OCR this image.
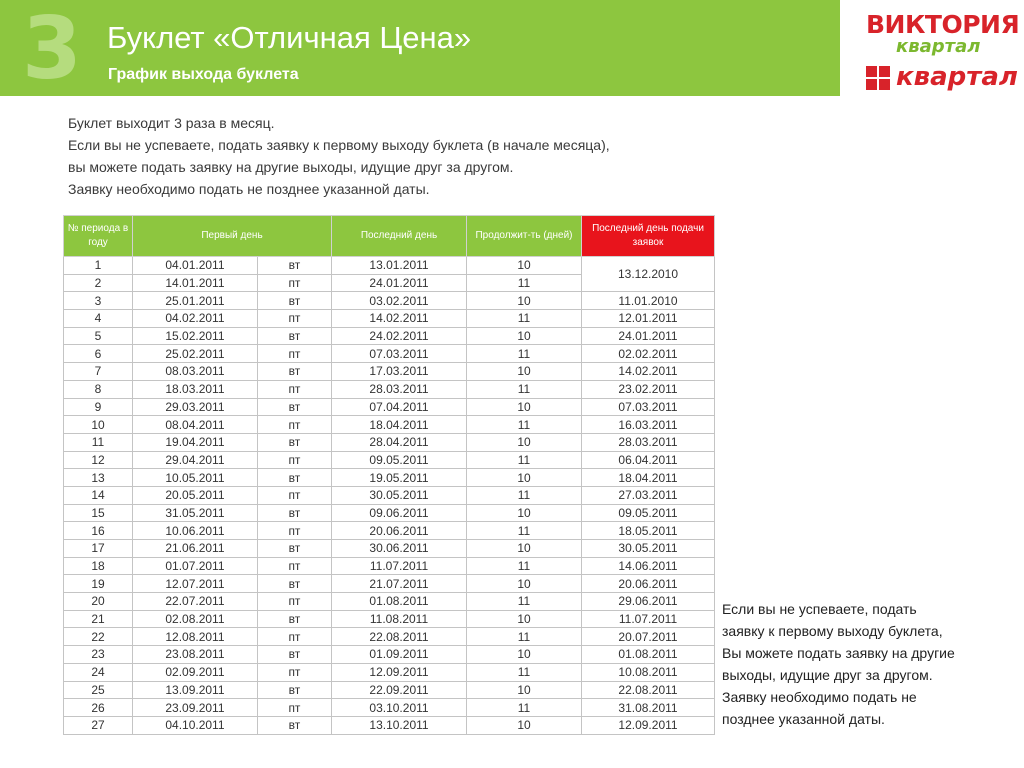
3 Буклет «Отличная Цена»
График выхода буклета
ВИКТОРИЯ
квартал
квартал
Буклет выходит 3 раза в месяц.
Если вы не успеваете, подать заявку к первому выходу буклета (в начале месяца),
вы можете подать заявку на другие выходы, идущие друг за другом.
Заявку необходимо подать не позднее указанной даты.
№ периода в году	Первый день		Последний день	Продолжит-ть (дней)	Последний день подачи заявок
1	04.01.2011	вт	13.01.2011	10	13.12.2010
2	14.01.2011	пт	24.01.2011	11	
3	25.01.2011	вт	03.02.2011	10	11.01.2010
4	04.02.2011	пт	14.02.2011	11	12.01.2011
5	15.02.2011	вт	24.02.2011	10	24.01.2011
6	25.02.2011	пт	07.03.2011	11	02.02.2011
7	08.03.2011	вт	17.03.2011	10	14.02.2011
8	18.03.2011	пт	28.03.2011	11	23.02.2011
9	29.03.2011	вт	07.04.2011	10	07.03.2011
10	08.04.2011	пт	18.04.2011	11	16.03.2011
11	19.04.2011	вт	28.04.2011	10	28.03.2011
12	29.04.2011	пт	09.05.2011	11	06.04.2011
13	10.05.2011	вт	19.05.2011	10	18.04.2011
14	20.05.2011	пт	30.05.2011	11	27.03.2011
15	31.05.2011	вт	09.06.2011	10	09.05.2011
16	10.06.2011	пт	20.06.2011	11	18.05.2011
17	21.06.2011	вт	30.06.2011	10	30.05.2011
18	01.07.2011	пт	11.07.2011	11	14.06.2011
19	12.07.2011	вт	21.07.2011	10	20.06.2011
20	22.07.2011	пт	01.08.2011	11	29.06.2011
21	02.08.2011	вт	11.08.2011	10	11.07.2011
22	12.08.2011	пт	22.08.2011	11	20.07.2011
23	23.08.2011	вт	01.09.2011	10	01.08.2011
24	02.09.2011	пт	12.09.2011	11	10.08.2011
25	13.09.2011	вт	22.09.2011	10	22.08.2011
26	23.09.2011	пт	03.10.2011	11	31.08.2011
27	04.10.2011	вт	13.10.2011	10	12.09.2011
Если вы не успеваете, подать заявку к первому выходу буклета, Вы можете подать заявку на другие выходы, идущие друг за другом. Заявку необходимо подать не позднее указанной даты.
